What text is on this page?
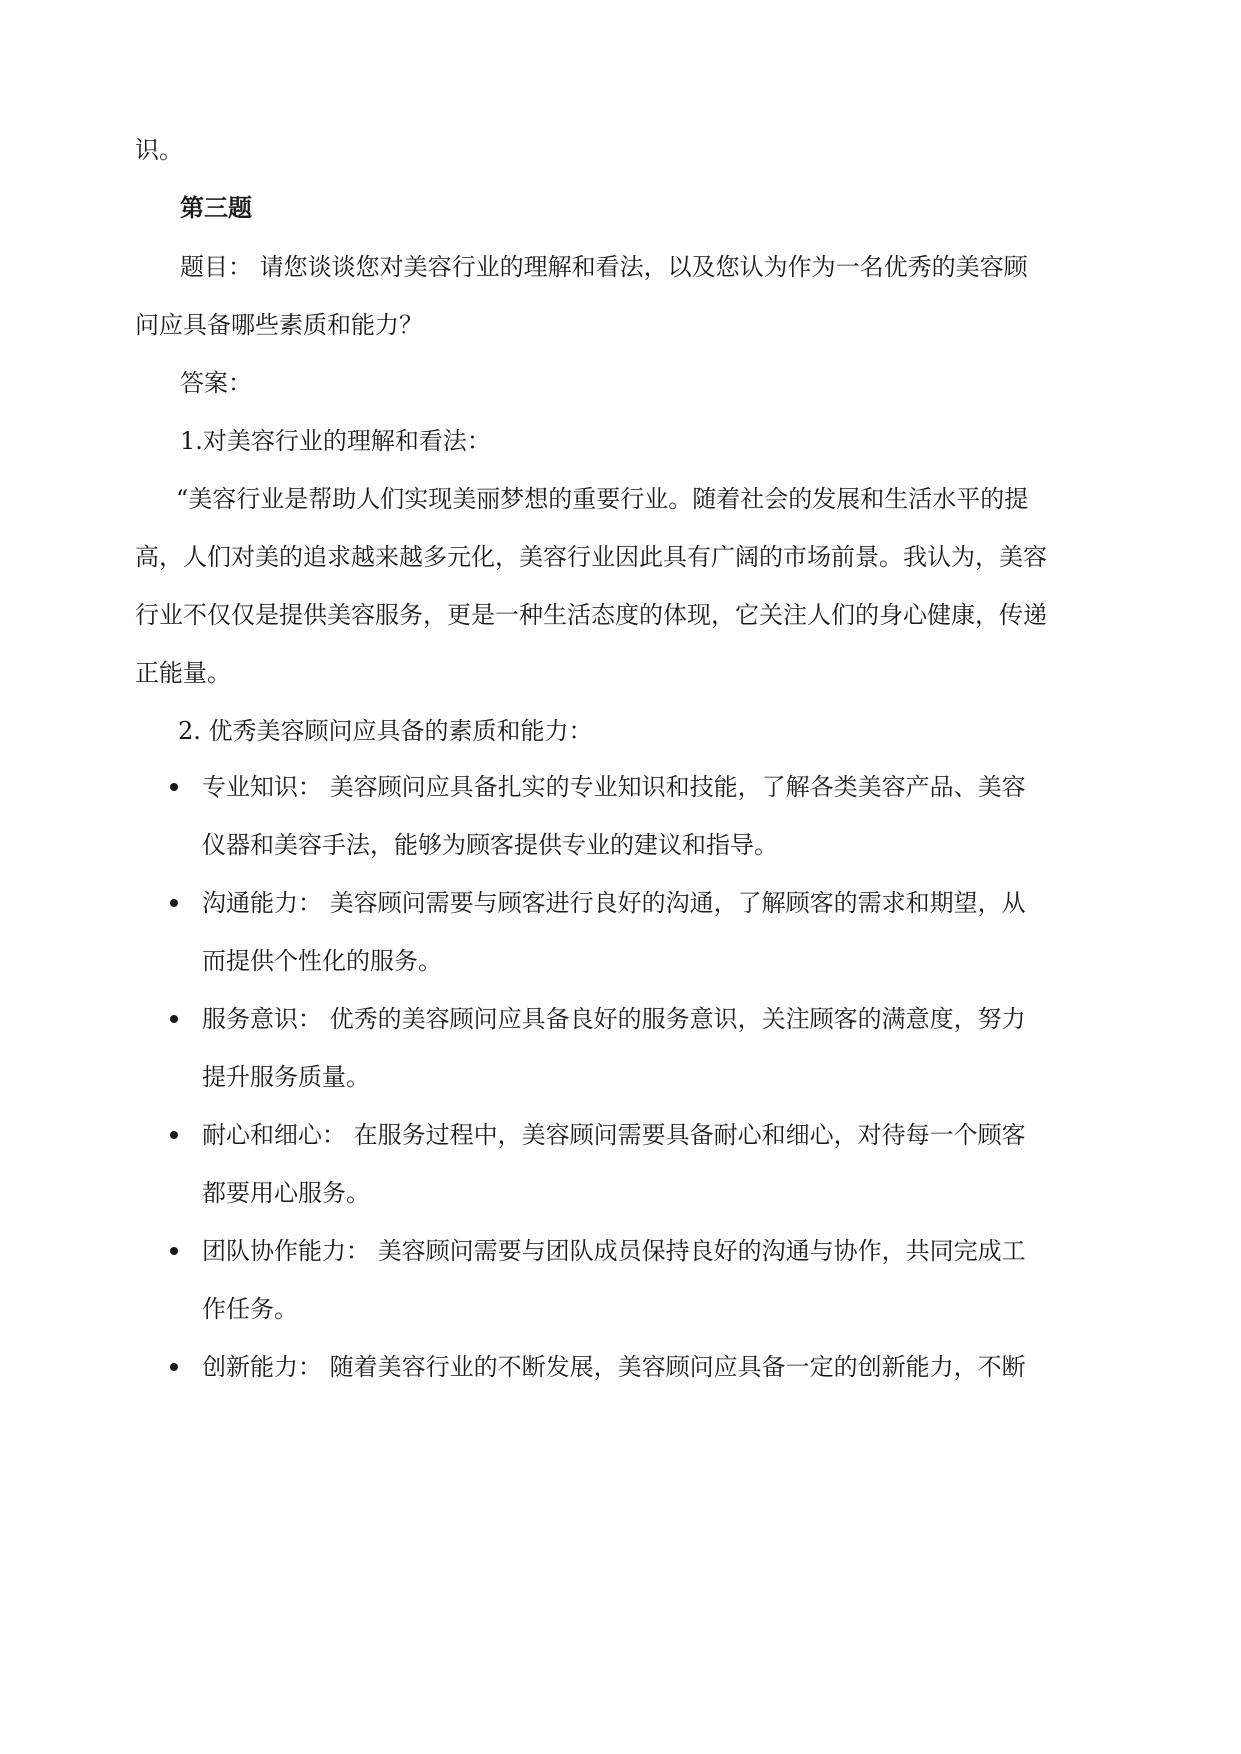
识。
第三题
题目： 请您谈谈您对美容行业的理解和看法，以及您认为作为一名优秀的美容顾
问应具备哪些素质和能力？
答案：
1.对美容行业的理解和看法：
“美容行业是帮助人们实现美丽梦想的重要行业。随着社会的发展和生活水平的提
高，人们对美的追求越来越多元化，美容行业因此具有广阔的市场前景。我认为，美容
行业不仅仅是提供美容服务，更是一种生活态度的体现，它关注人们的身心健康，传递
正能量。
2. 优秀美容顾问应具备的素质和能力：
专业知识： 美容顾问应具备扎实的专业知识和技能，了解各类美容产品、美容
仪器和美容手法，能够为顾客提供专业的建议和指导。
沟通能力： 美容顾问需要与顾客进行良好的沟通，了解顾客的需求和期望，从
而提供个性化的服务。
服务意识： 优秀的美容顾问应具备良好的服务意识，关注顾客的满意度，努力
提升服务质量。
耐心和细心： 在服务过程中，美容顾问需要具备耐心和细心，对待每一个顾客
都要用心服务。
团队协作能力： 美容顾问需要与团队成员保持良好的沟通与协作，共同完成工
作任务。
创新能力： 随着美容行业的不断发展，美容顾问应具备一定的创新能力，不断
